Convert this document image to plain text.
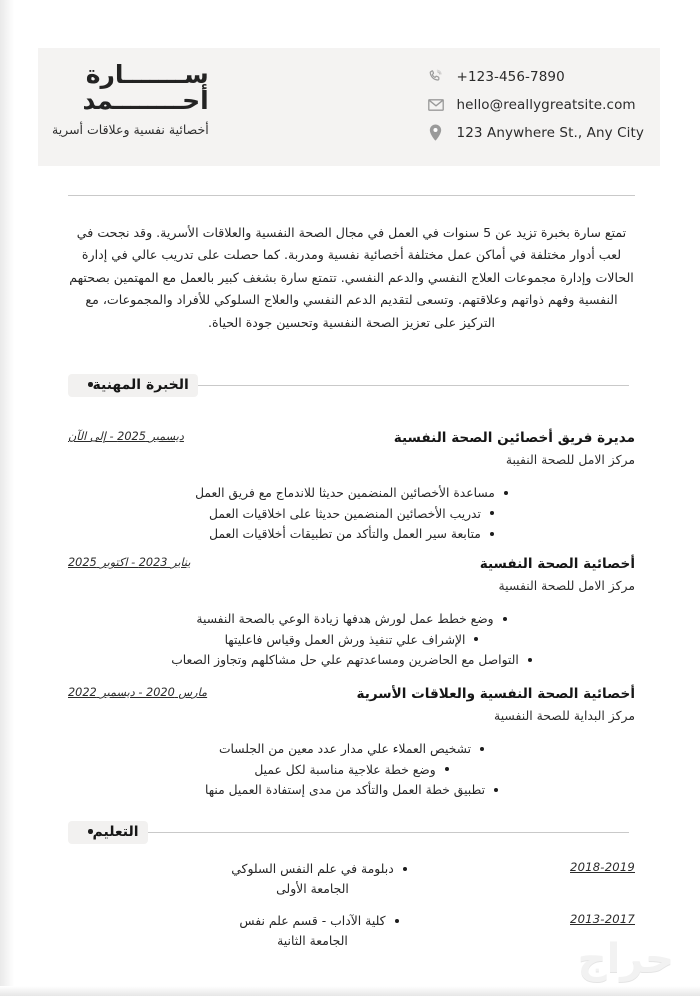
ســـــــارة
أحــــــــمد
أخصائية نفسية وعلاقات أسرية
+123-456-7890
hello@reallygreatsite.com
123 Anywhere St., Any City
تمتع سارة بخبرة تزيد عن 5 سنوات في العمل في مجال الصحة النفسية والعلاقات الأسرية. وقد نجحت في لعب أدوار مختلفة في أماكن عمل مختلفة أخصائية نفسية ومدربة. كما حصلت على تدريب عالي في إدارة الحالات وإدارة مجموعات العلاج النفسي والدعم النفسي. تتمتع سارة بشغف كبير بالعمل مع المهتمين بصحتهم النفسية وفهم ذواتهم وعلاقتهم. وتسعى لتقديم الدعم النفسي والعلاج السلوكي للأفراد والمجموعات، مع التركيز على تعزيز الصحة النفسية وتحسين جودة الحياة.
الخبرة المهنية
ديسمبر 2025 - إلى الآن	مديرة فريق أخصائين الصحة النفسية
مركز الامل للصحة النفيبة
مساعدة الأخصائين المنضمين حديثا للاندماج مع فريق العمل
تدريب الأخصائين المنضمين حديثا على اخلاقيات العمل
متابعة سير العمل والتأكد من تطبيقات أخلاقيات العمل
يناير 2023 - اكتوبر 2025	أخصائية الصحة النفسية
مركز الامل للصحة النفسية
وضع خطط عمل لورش هدفها زيادة الوعي بالصحة النفسية
الإشراف علي تنفيذ ورش العمل وقياس فاعليتها
التواصل مع الحاضرين ومساعدتهم علي حل مشاكلهم وتجاوز الصعاب
مارس 2020 - ديسمبر 2022	أخصائية الصحة النفسية والعلاقات الأسرية
مركز البداية للصحة النفسية
تشخيص العملاء علي مدار عدد معين من الجلسات
وضع خطة علاجية مناسبة لكل عميل
تطبيق خطة العمل والتأكد من مدى إستفادة العميل منها
التعليم
2018-2019
دبلومة في علم النفس السلوكي
الجامعة الأولى
2013-2017
كلية الآداب - قسم علم نفس
الجامعة الثانية	حراج
